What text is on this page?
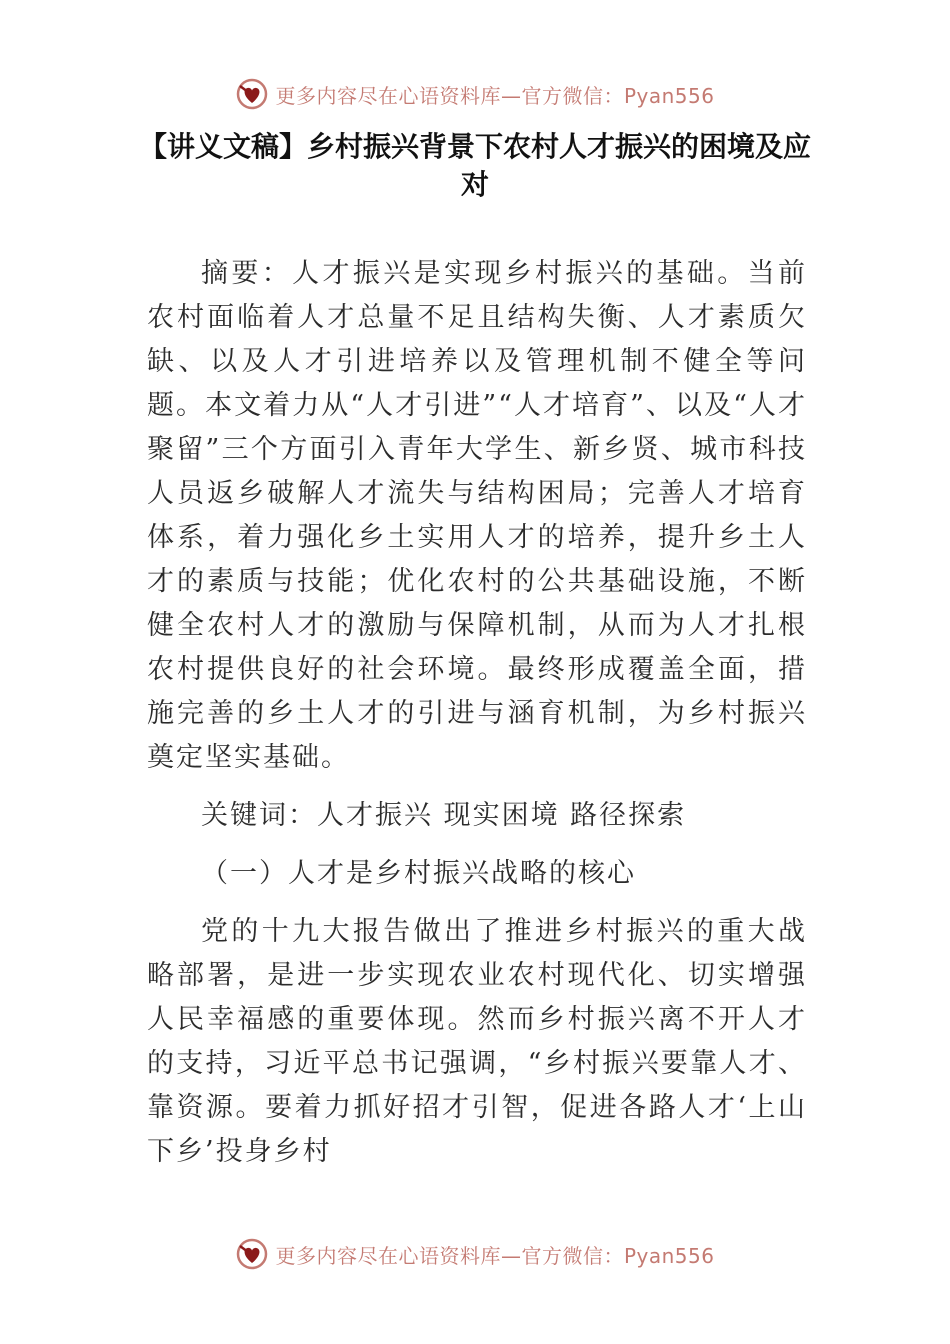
更多内容尽在心语资料库—官方微信：Pyan556
【讲义文稿】乡村振兴背景下农村人才振兴的困境及应对

摘要：人才振兴是实现乡村振兴的基础。当前农村面临着人才总量不足且结构失衡、人才素质欠缺、以及人才引进培养以及管理机制不健全等问题。本文着力从“人才引进”“人才培育”、以及“人才聚留”三个方面引入青年大学生、新乡贤、城市科技人员返乡破解人才流失与结构困局；完善人才培育体系，着力强化乡土实用人才的培养，提升乡土人才的素质与技能；优化农村的公共基础设施，不断健全农村人才的激励与保障机制，从而为人才扎根农村提供良好的社会环境。最终形成覆盖全面，措施完善的乡土人才的引进与涵育机制，为乡村振兴奠定坚实基础。

关键词：人才振兴 现实困境 路径探索

（一）人才是乡村振兴战略的核心

党的十九大报告做出了推进乡村振兴的重大战略部署，是进一步实现农业农村现代化、切实增强人民幸福感的重要体现。然而乡村振兴离不开人才的支持，习近平总书记强调，“乡村振兴要靠人才、靠资源。要着力抓好招才引智，促进各路人才‘上山下乡’投身乡村

更多内容尽在心语资料库—官方微信：Pyan556
